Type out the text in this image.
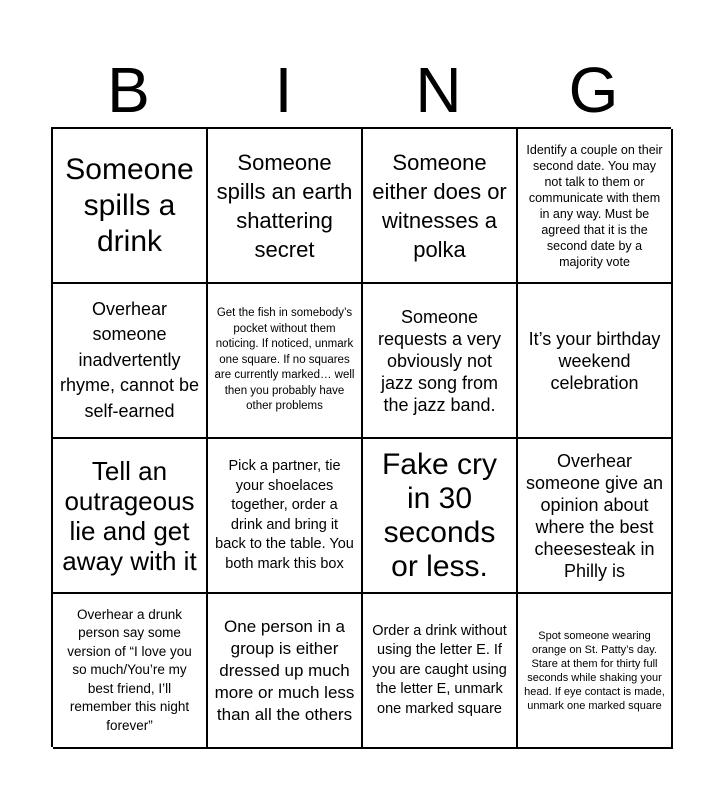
B	I	N	G
Someone spills a drink
Someone spills an earth shattering secret
Someone either does or witnesses a polka
Identify a couple on their second date. You may not talk to them or communicate with them in any way. Must be agreed that it is the second date by a majority vote
Overhear someone inadvertently rhyme, cannot be self-earned
Get the fish in somebody’s pocket without them noticing. If noticed, unmark one square. If no squares are currently marked… well then you probably have other problems
Someone requests a very obviously not jazz song from the jazz band.
It’s your birthday weekend celebration
Tell an outrageous lie and get away with it
Pick a partner, tie your shoelaces together, order a drink and bring it back to the table. You both mark this box
Fake cry in 30 seconds or less.
Overhear someone give an opinion about where the best cheesesteak in Philly is
Overhear a drunk person say some version of “I love you so much/You’re my best friend, I’ll remember this night forever”
One person in a group is either dressed up much more or much less than all the others
Order a drink without using the letter E. If you are caught using the letter E, unmark one marked square
Spot someone wearing orange on St. Patty’s day. Stare at them for thirty full seconds while shaking your head. If eye contact is made, unmark one marked square
